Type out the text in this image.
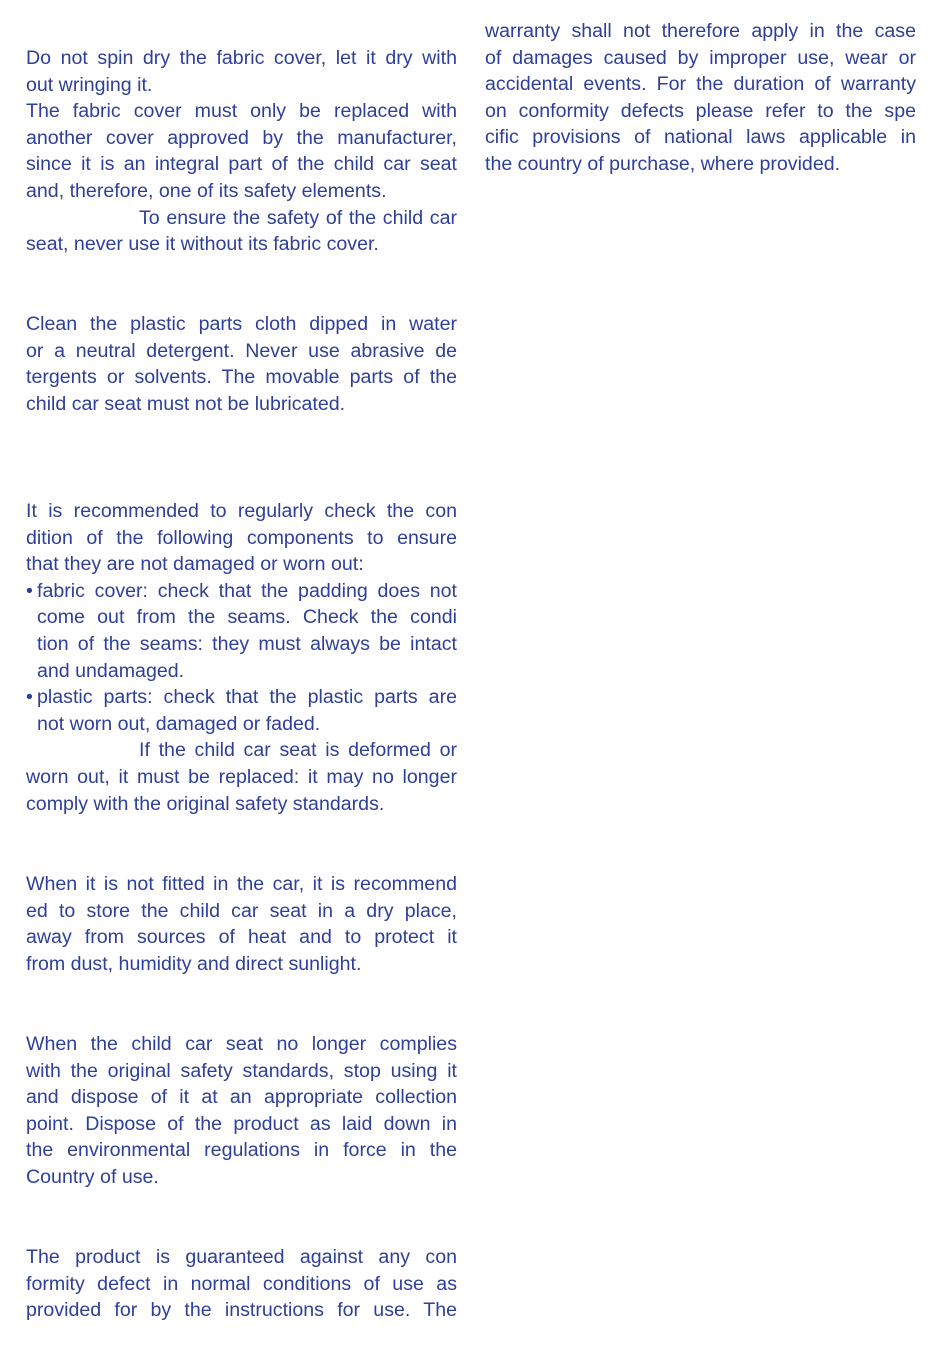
Do not spin dry the fabric cover, let it dry with
out wringing it.
The fabric cover must only be replaced with
another cover approved by the manufacturer,
since it is an integral part of the child car seat
and, therefore, one of its safety elements.
To ensure the safety of the child car
seat, never use it without its fabric cover.
Clean the plastic parts cloth dipped in water
or a neutral detergent. Never use abrasive de
tergents or solvents. The movable parts of the
child car seat must not be lubricated.
It is recommended to regularly check the con
dition of the following components to ensure
that they are not damaged or worn out:
• fabric cover: check that the padding does not
come out from the seams. Check the condi
tion of the seams: they must always be intact
and undamaged.
• plastic parts: check that the plastic parts are
not worn out, damaged or faded.
If the child car seat is deformed or
worn out, it must be replaced: it may no longer
comply with the original safety standards.
When it is not fitted in the car, it is recommend
ed to store the child car seat in a dry place,
away from sources of heat and to protect it
from dust, humidity and direct sunlight.
When the child car seat no longer complies
with the original safety standards, stop using it
and dispose of it at an appropriate collection
point. Dispose of the product as laid down in
the environmental regulations in force in the
Country of use.
The product is guaranteed against any con
formity defect in normal conditions of use as
provided for by the instructions for use. The
warranty shall not therefore apply in the case
of damages caused by improper use, wear or
accidental events. For the duration of warranty
on conformity defects please refer to the spe
cific provisions of national laws applicable in
the country of purchase, where provided.
